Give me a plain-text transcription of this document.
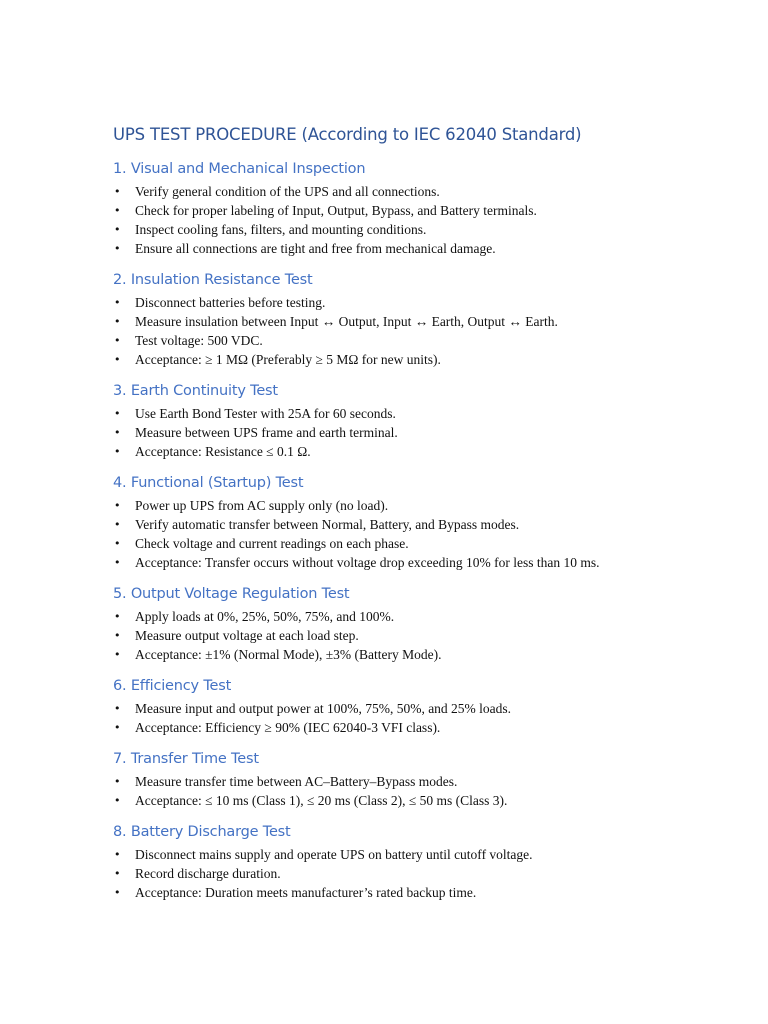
UPS TEST PROCEDURE (According to IEC 62040 Standard)
1. Visual and Mechanical Inspection
• Verify general condition of the UPS and all connections.
• Check for proper labeling of Input, Output, Bypass, and Battery terminals.
• Inspect cooling fans, filters, and mounting conditions.
• Ensure all connections are tight and free from mechanical damage.
2. Insulation Resistance Test
• Disconnect batteries before testing.
• Measure insulation between Input ↔ Output, Input ↔ Earth, Output ↔ Earth.
• Test voltage: 500 VDC.
• Acceptance: ≥ 1 MΩ (Preferably ≥ 5 MΩ for new units).
3. Earth Continuity Test
• Use Earth Bond Tester with 25A for 60 seconds.
• Measure between UPS frame and earth terminal.
• Acceptance: Resistance ≤ 0.1 Ω.
4. Functional (Startup) Test
• Power up UPS from AC supply only (no load).
• Verify automatic transfer between Normal, Battery, and Bypass modes.
• Check voltage and current readings on each phase.
• Acceptance: Transfer occurs without voltage drop exceeding 10% for less than 10 ms.
5. Output Voltage Regulation Test
• Apply loads at 0%, 25%, 50%, 75%, and 100%.
• Measure output voltage at each load step.
• Acceptance: ±1% (Normal Mode), ±3% (Battery Mode).
6. Efficiency Test
• Measure input and output power at 100%, 75%, 50%, and 25% loads.
• Acceptance: Efficiency ≥ 90% (IEC 62040-3 VFI class).
7. Transfer Time Test
• Measure transfer time between AC–Battery–Bypass modes.
• Acceptance: ≤ 10 ms (Class 1), ≤ 20 ms (Class 2), ≤ 50 ms (Class 3).
8. Battery Discharge Test
• Disconnect mains supply and operate UPS on battery until cutoff voltage.
• Record discharge duration.
• Acceptance: Duration meets manufacturer’s rated backup time.
